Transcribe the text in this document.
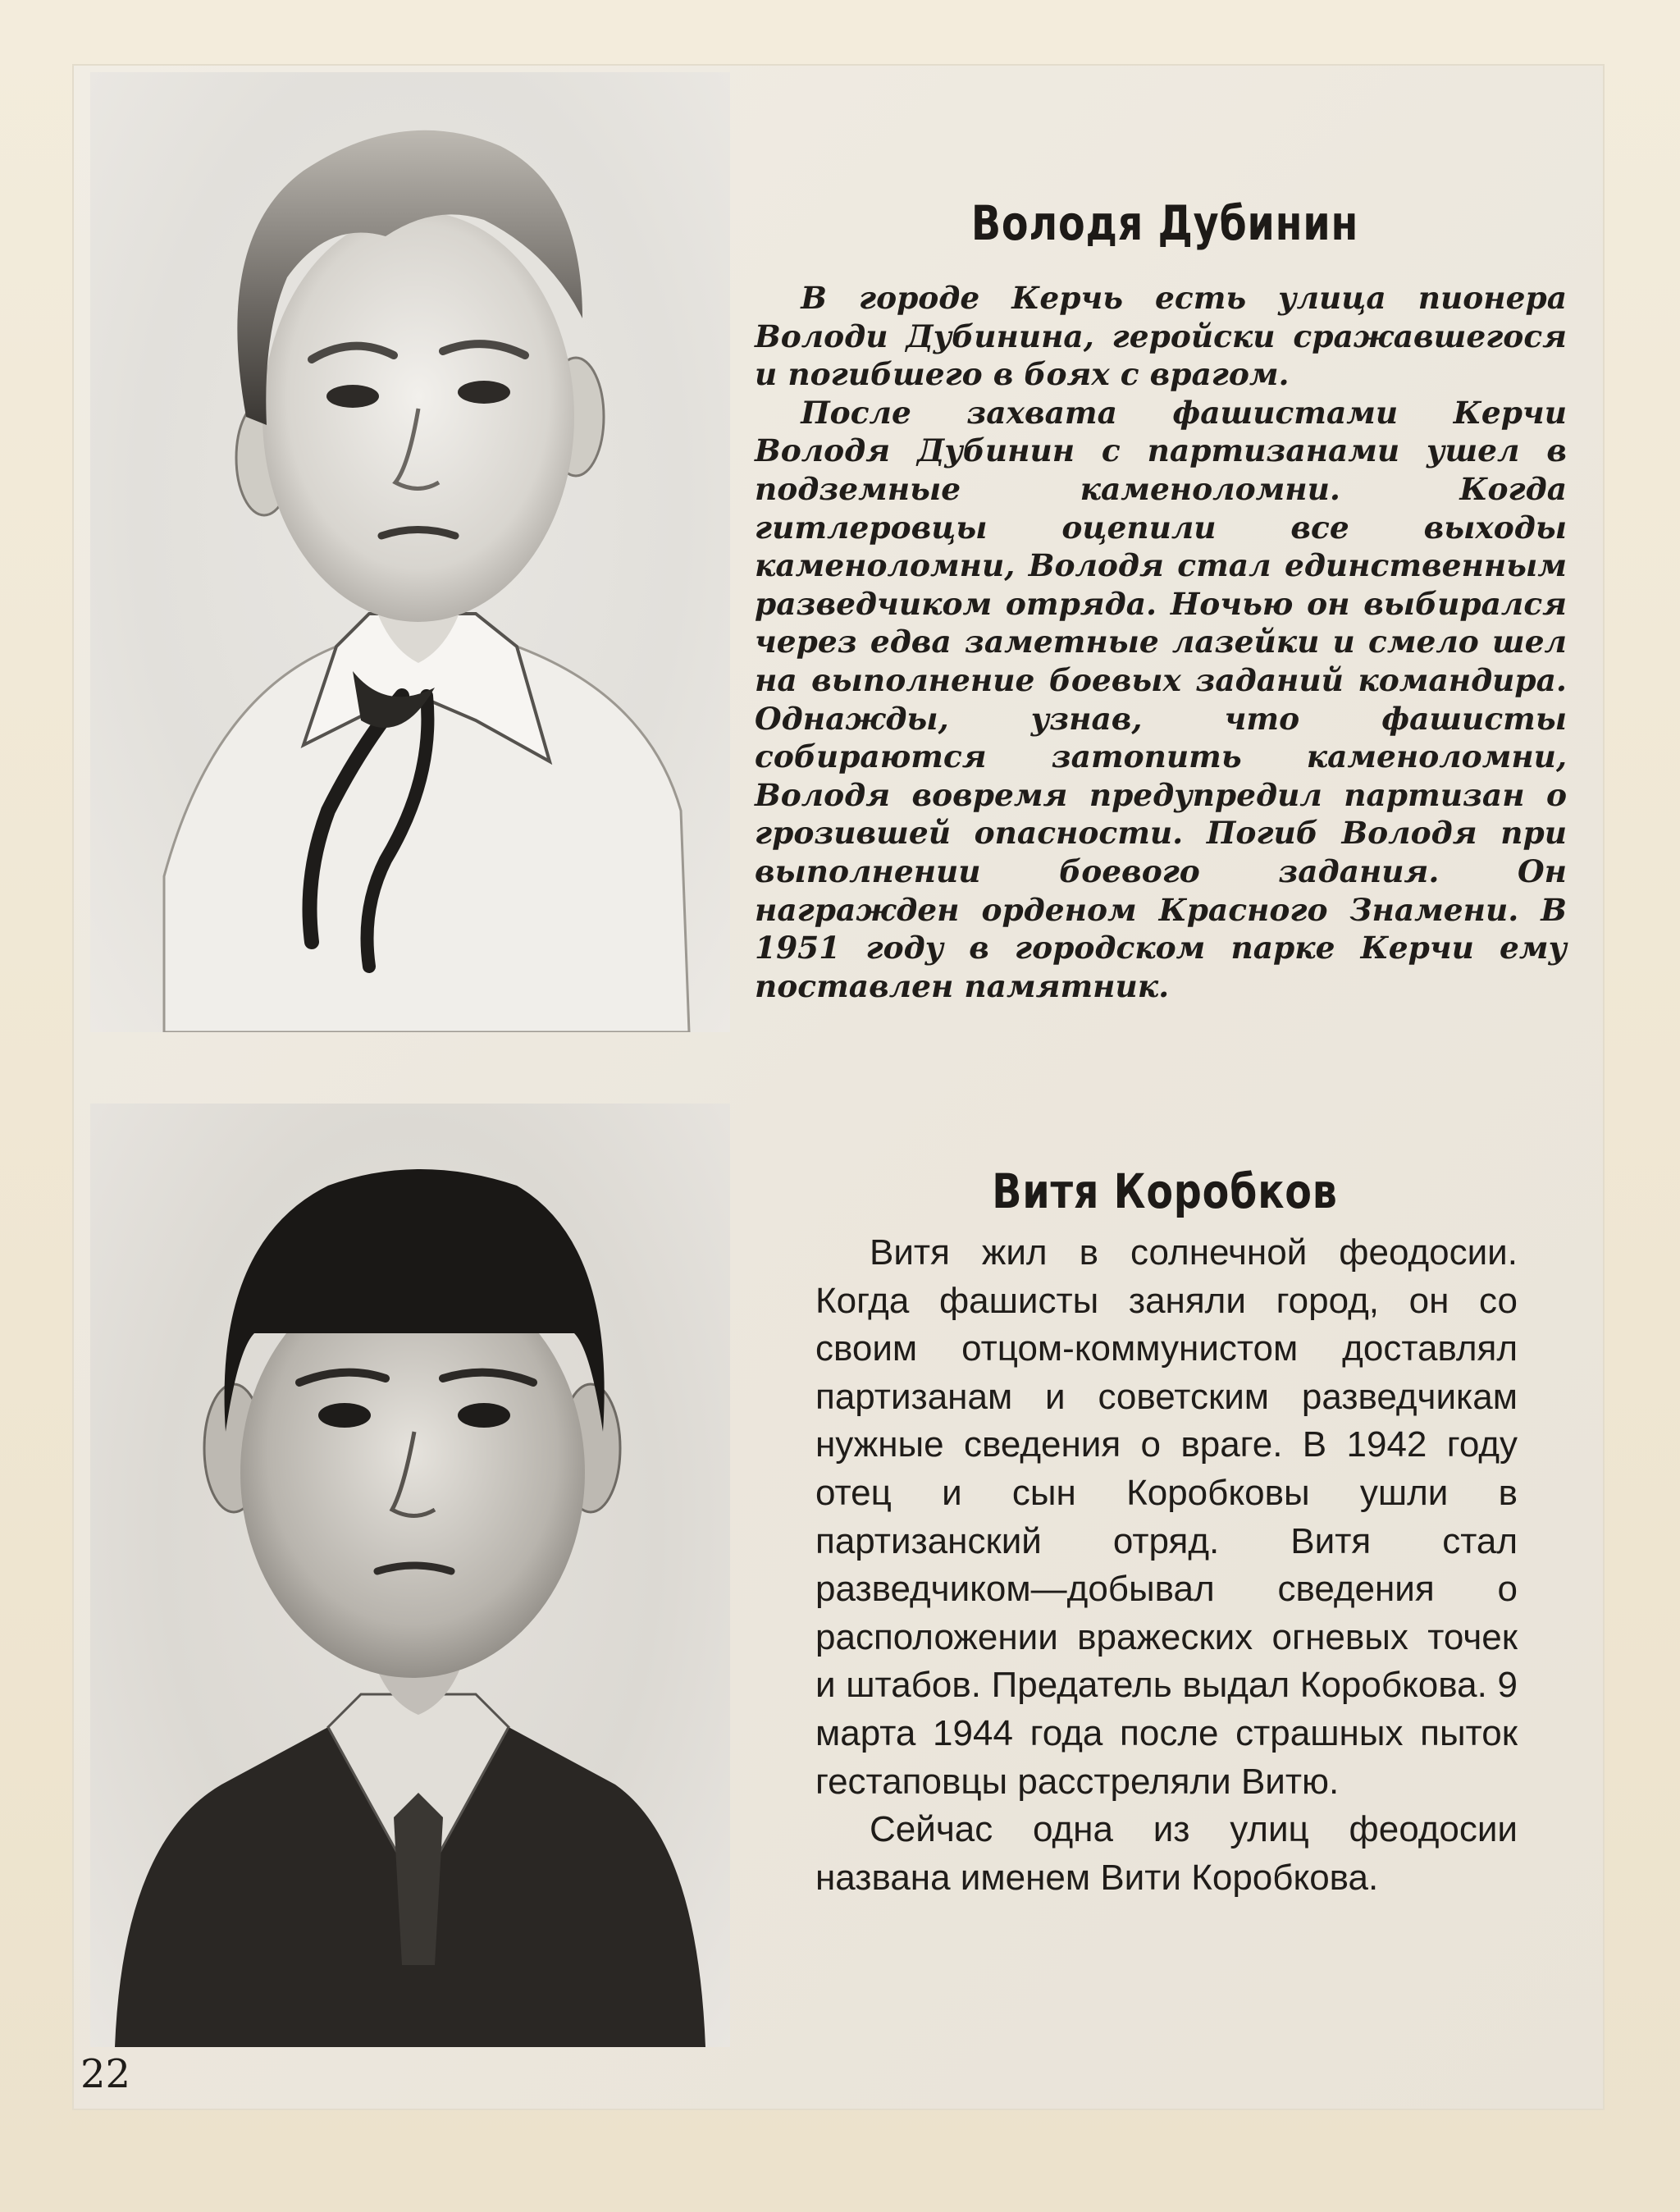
Володя Дубинин

В городе Керчь есть улица пионера Володи Дубинина, геройски сражавшегося и погибшего в боях с врагом.

После захвата фашистами Керчи Володя Дубинин с партизанами ушел в подземные каменоломни. Когда гитлеровцы оцепили все выходы каменоломни, Володя стал единственным разведчиком отряда. Ночью он выбирался через едва заметные лазейки и смело шел на выполнение боевых заданий командира. Однажды, узнав, что фашисты собираются затопить каменоломни, Володя вовремя предупредил партизан о грозившей опасности. Погиб Володя при выполнении боевого задания. Он награжден орденом Красного Знамени. В 1951 году в городском парке Керчи ему поставлен памятник.

Витя Коробков

Витя жил в солнечной феодосии. Когда фашисты заняли город, он со своим отцом-коммунистом доставлял партизанам и советским разведчикам нужные сведения о враге. В 1942 году отец и сын Коробковы ушли в партизанский отряд. Витя стал разведчиком—добывал сведения о расположении вражеских огневых точек и штабов. Предатель выдал Коробкова. 9 марта 1944 года после страшных пыток гестаповцы расстреляли Витю.

Сейчас одна из улиц феодосии названа именем Вити Коробкова.

22
